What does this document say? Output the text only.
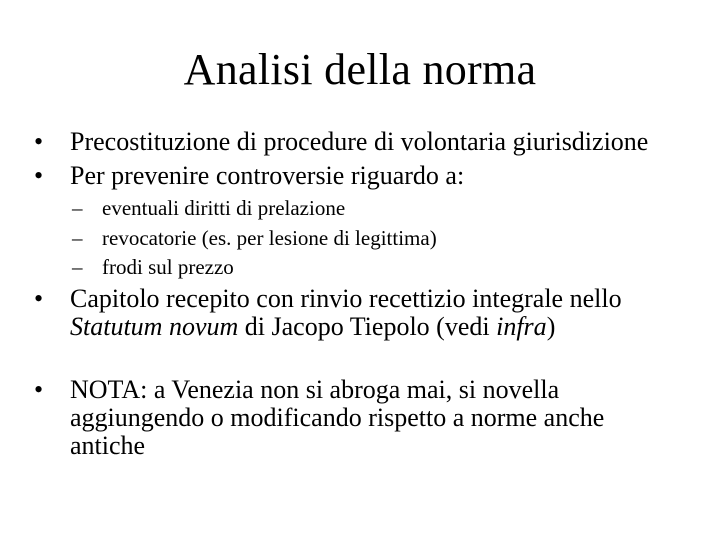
Analisi della norma
•	Precostituzione di procedure di volontaria giurisdizione
•	Per prevenire controversie riguardo a:
– eventuali diritti di prelazione
– revocatorie (es. per lesione di legittima)
– frodi sul prezzo
•	Capitolo recepito con rinvio recettizio integrale nello
Statutum novum di Jacopo Tiepolo (vedi infra)
•	NOTA: a Venezia non si abroga mai, si novella
aggiungendo o modificando rispetto a norme anche
antiche
